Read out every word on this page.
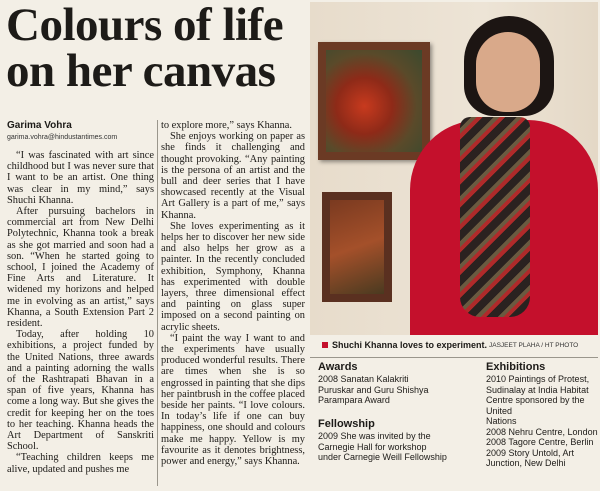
Colours of life on her canvas
Garima Vohra
garima.vohra@hindustantimes.com

“I was fascinated with art since childhood but I was never sure that I want to be an artist. One thing was clear in my mind,” says Shuchi Khanna.

After pursuing bachelors in commercial art from New Delhi Polytechnic, Khanna took a break as she got married and soon had a son. “When he started going to school, I joined the Academy of Fine Arts and Literature. It widened my horizons and helped me in evolving as an artist,” says Khanna, a South Extension Part 2 resident.

Today, after holding 10 exhibitions, a project funded by the United Nations, three awards and a painting adorning the walls of the Rashtrapati Bhavan in a span of five years, Khanna has come a long way. But she gives the credit for keeping her on the toes to her teaching. Khanna heads the Art Department of Sanskriti School.

“Teaching children keeps me alive, updated and pushes me

to explore more,” says Khanna.

She enjoys working on paper as she finds it challenging and thought provoking. “Any painting is the persona of an artist and the bull and deer series that I have showcased recently at the Visual Art Gallery is a part of me,” says Khanna.

She loves experimenting as it helps her to discover her new side and also helps her grow as a painter. In the recently concluded exhibition, Symphony, Khanna has experimented with double layers, three dimensional effect and painting on glass super imposed on a second painting on acrylic sheets.

“I paint the way I want to and the experiments have usually produced wonderful results. There are times when she is so engrossed in painting that she dips her paintbrush in the coffee placed beside her paints. “I love colours. In today’s life if one can buy happiness, one should and colours make me happy. Yellow is my favourite as it denotes brightness, power and energy,” says Khanna.

Shuchi Khanna loves to experiment. JASJEET PLAHA / HT PHOTO
Awards
2008 Sanatan Kalakriti
Puruskar and Guru Shishya
Parampara Award
Fellowship
2009 She was invited by the
Carnegie Hall for workshop
under Carnegie Weill Fellowship
Exhibitions
2010 Paintings of Protest,
Sudinalay at India Habitat
Centre sponsored by the United
Nations
2008 Nehru Centre, London
2008 Tagore Centre, Berlin
2009 Story Untold, Art
Junction, New Delhi
